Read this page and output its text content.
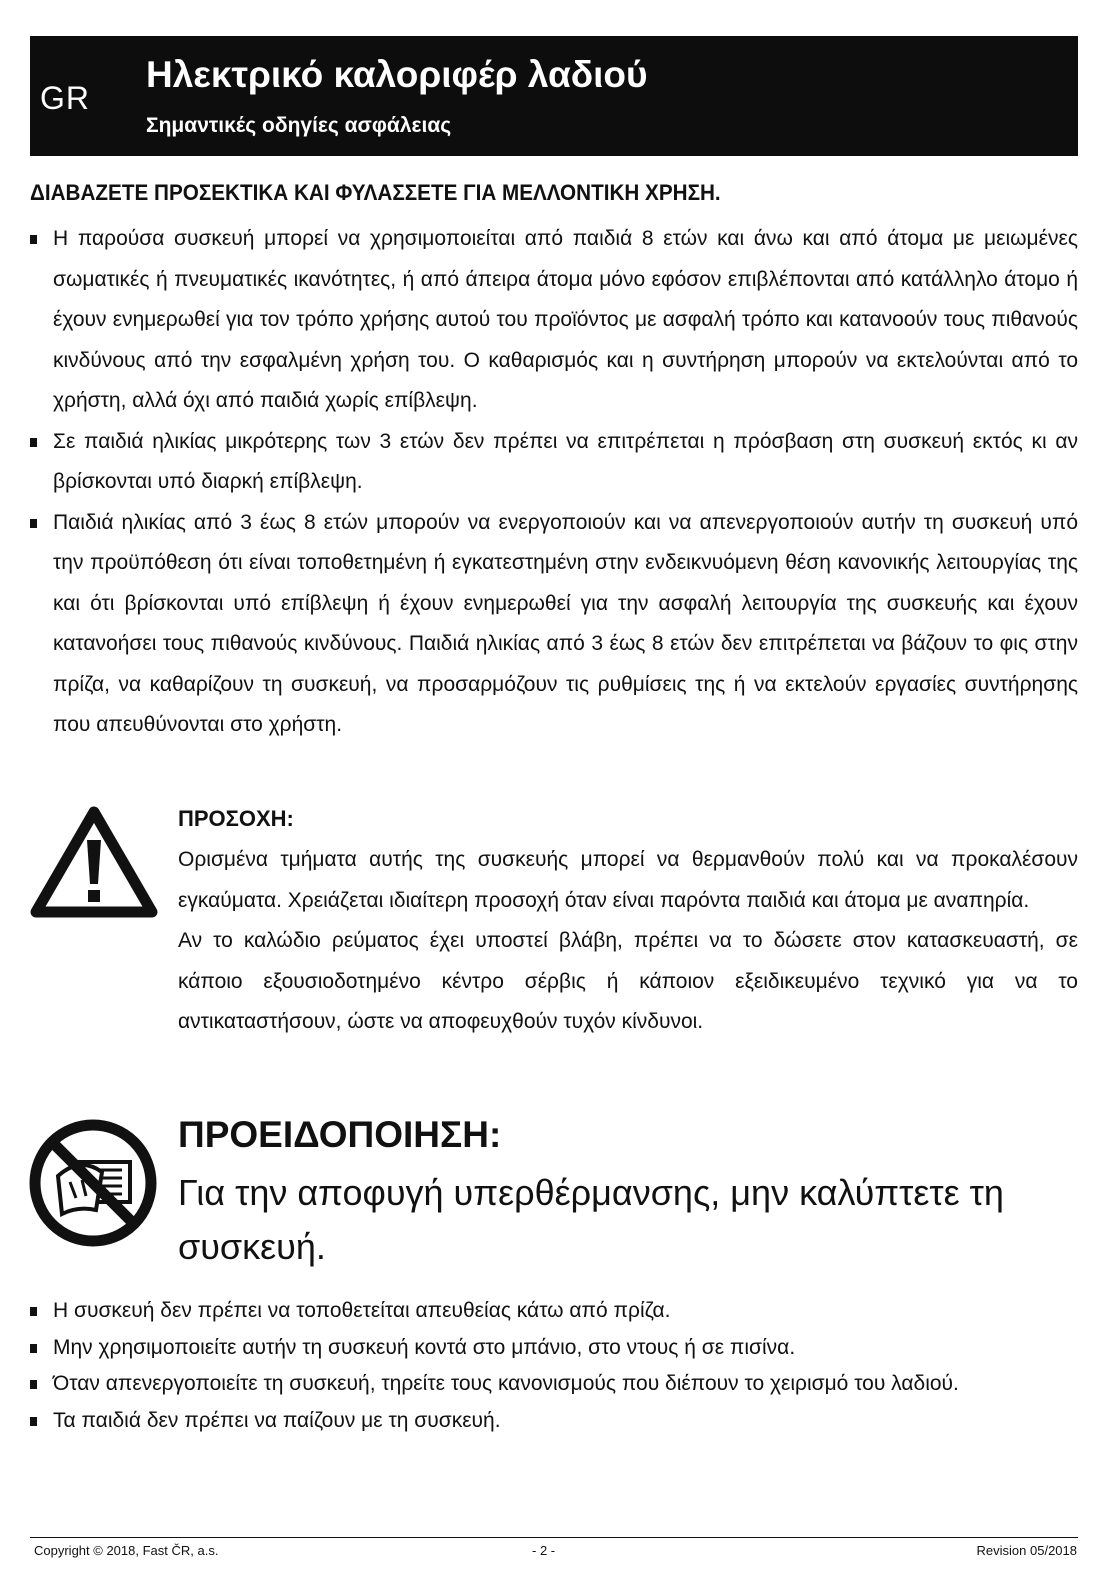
GR
Ηλεκτρικό καλοριφέρ λαδιού
Σημαντικές οδηγίες ασφάλειας
ΔΙΑΒΑΖΕΤΕ ΠΡΟΣΕΚΤΙΚΑ ΚΑΙ ΦΥΛΑΣΣΕΤΕ ΓΙΑ ΜΕΛΛΟΝΤΙΚΗ ΧΡΗΣΗ.
Η παρούσα συσκευή μπορεί να χρησιμοποιείται από παιδιά 8 ετών και άνω και από άτομα με μειωμένες σωματικές ή πνευματικές ικανότητες, ή από άπειρα άτομα μόνο εφόσον επιβλέπονται από κατάλληλο άτομο ή έχουν ενημερωθεί για τον τρόπο χρήσης αυτού του προϊόντος με ασφαλή τρόπο και κατανοούν τους πιθανούς κινδύνους από την εσφαλμένη χρήση του. Ο καθαρισμός και η συντήρηση μπορούν να εκτελούνται από το χρήστη, αλλά όχι από παιδιά χωρίς επίβλεψη.
Σε παιδιά ηλικίας μικρότερης των 3 ετών δεν πρέπει να επιτρέπεται η πρόσβαση στη συσκευή εκτός κι αν βρίσκονται υπό διαρκή επίβλεψη.
Παιδιά ηλικίας από 3 έως 8 ετών μπορούν να ενεργοποιούν και να απενεργοποιούν αυτήν τη συσκευή υπό την προϋπόθεση ότι είναι τοποθετημένη ή εγκατεστημένη στην ενδεικνυόμενη θέση κανονικής λειτουργίας της και ότι βρίσκονται υπό επίβλεψη ή έχουν ενημερωθεί για την ασφαλή λειτουργία της συσκευής και έχουν κατανοήσει τους πιθανούς κινδύνους. Παιδιά ηλικίας από 3 έως 8 ετών δεν επιτρέπεται να βάζουν το φις στην πρίζα, να καθαρίζουν τη συσκευή, να προσαρμόζουν τις ρυθμίσεις της ή να εκτελούν εργασίες συντήρησης που απευθύνονται στο χρήστη.
ΠΡΟΣΟΧΗ:

Ορισμένα τμήματα αυτής της συσκευής μπορεί να θερμανθούν πολύ και να προκαλέσουν εγκαύματα. Χρειάζεται ιδιαίτερη προσοχή όταν είναι παρόντα παιδιά και άτομα με αναπηρία.

Αν το καλώδιο ρεύματος έχει υποστεί βλάβη, πρέπει να το δώσετε στον κατασκευαστή, σε κάποιο εξουσιοδοτημένο κέντρο σέρβις ή κάποιον εξειδικευμένο τεχνικό για να το αντικαταστήσουν, ώστε να αποφευχθούν τυχόν κίνδυνοι.

ΠΡΟΕΙΔΟΠΟΙΗΣΗ:

Για την αποφυγή υπερθέρμανσης, μην καλύπτετε τη συσκευή.

Η συσκευή δεν πρέπει να τοποθετείται απευθείας κάτω από πρίζα.
Μην χρησιμοποιείτε αυτήν τη συσκευή κοντά στο μπάνιο, στο ντους ή σε πισίνα.
Όταν απενεργοποιείτε τη συσκευή, τηρείτε τους κανονισμούς που διέπουν το χειρισμό του λαδιού.
Τα παιδιά δεν πρέπει να παίζουν με τη συσκευή.
Copyright © 2018, Fast ČR, a.s.	- 2 -	Revision 05/2018
